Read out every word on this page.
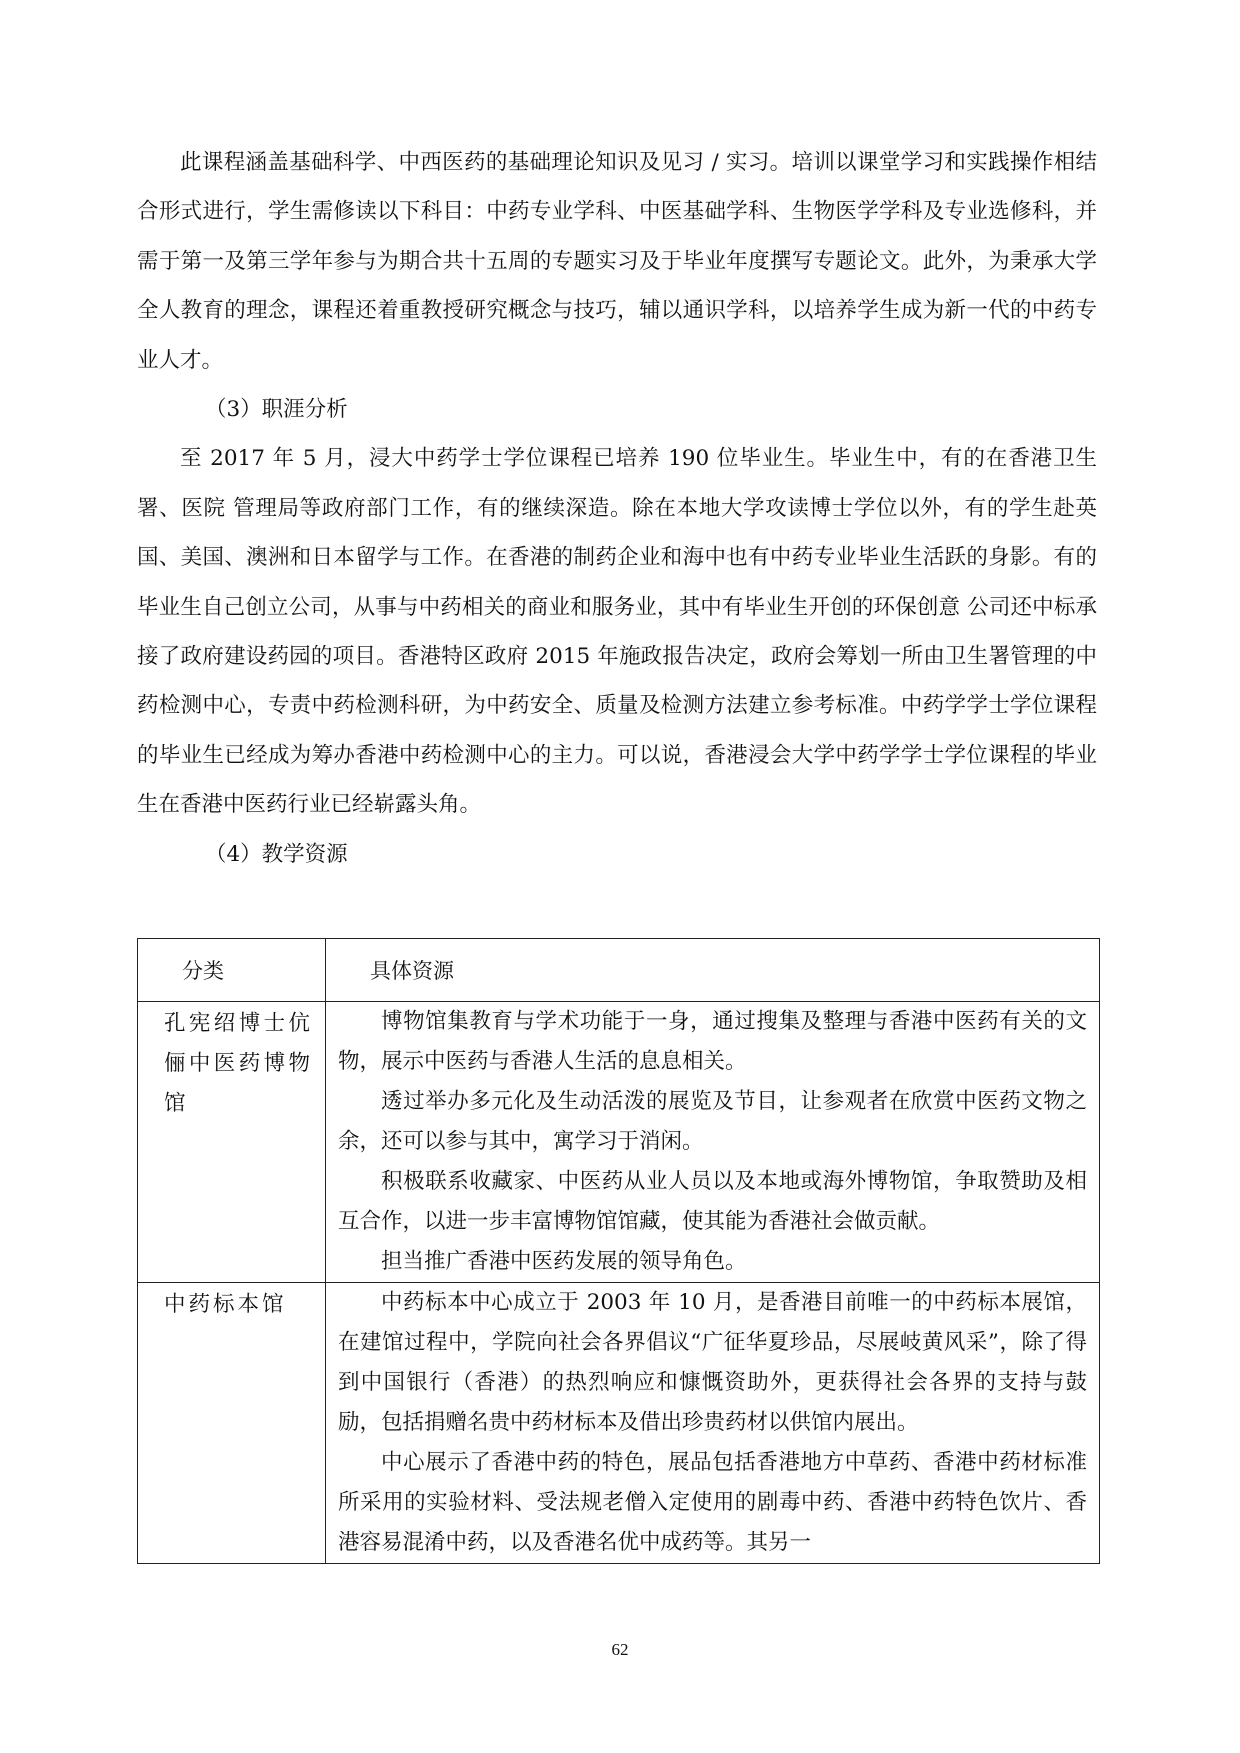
此课程涵盖基础科学、中西医药的基础理论知识及见习 / 实习。培训以课堂学习和实践操作相结合形式进行，学生需修读以下科目：中药专业学科、中医基础学科、生物医学学科及专业选修科，并需于第一及第三学年参与为期合共十五周的专题实习及于毕业年度撰写专题论文。此外，为秉承大学全人教育的理念，课程还着重教授研究概念与技巧，辅以通识学科，以培养学生成为新一代的中药专业人才。

（3）职涯分析

至 2017 年 5 月，浸大中药学士学位课程已培养 190 位毕业生。毕业生中，有的在香港卫生署、医院 管理局等政府部门工作，有的继续深造。除在本地大学攻读博士学位以外，有的学生赴英国、美国、澳洲和日本留学与工作。在香港的制药企业和海中也有中药专业毕业生活跃的身影。有的毕业生自己创立公司，从事与中药相关的商业和服务业，其中有毕业生开创的环保创意 公司还中标承接了政府建设药园的项目。香港特区政府 2015 年施政报告决定，政府会筹划一所由卫生署管理的中药检测中心，专责中药检测科研，为中药安全、质量及检测方法建立参考标准。中药学学士学位课程的毕业生已经成为筹办香港中药检测中心的主力。可以说，香港浸会大学中药学学士学位课程的毕业生在香港中医药行业已经崭露头角。

（4）教学资源

分类	具体资源
孔宪绍博士伉俪中医药博物馆	博物馆集教育与学术功能于一身，通过搜集及整理与香港中医药有关的文物，展示中医药与香港人生活的息息相关。

透过举办多元化及生动活泼的展览及节目，让参观者在欣赏中医药文物之余，还可以参与其中，寓学习于消闲。

积极联系收藏家、中医药从业人员以及本地或海外博物馆，争取赞助及相互合作，以进一步丰富博物馆馆藏，使其能为香港社会做贡献。

担当推广香港中医药发展的领导角色。

中药标本馆	中药标本中心成立于 2003 年 10 月，是香港目前唯一的中药标本展馆，在建馆过程中，学院向社会各界倡议“广征华夏珍品，尽展岐黄风采”，除了得到中国银行（香港）的热烈响应和慷慨资助外，更获得社会各界的支持与鼓励，包括捐赠名贵中药材标本及借出珍贵药材以供馆内展出。

中心展示了香港中药的特色，展品包括香港地方中草药、香港中药材标准所采用的实验材料、受法规老僧入定使用的剧毒中药、香港中药特色饮片、香港容易混淆中药，以及香港名优中成药等。其另一

62
